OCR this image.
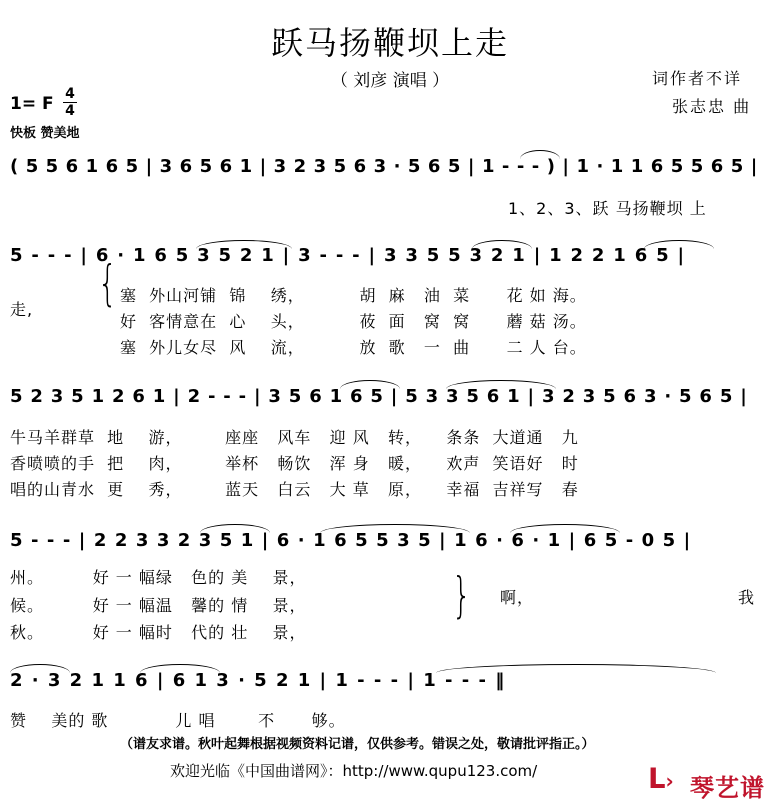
跃马扬鞭坝上走
（ 刘彦 演唱 ）	词作者不详
张志忠 曲
1= F $\frac{4}{4}$
快板 赞美地
( 5 5 6 1 6 5 | 3 6 5 6 1 | 3 2 3 5 6 3 · 5 6 5 | 1 - - - ) | 1 · 1 1 6 5 5 6 5 |
1、2、3、跃 马扬鞭坝 上
5 - - - | 6 · 1 6 5 3 5 2 1 | 3 - - - | 3 3 5 5 3 2 1 | 1 2 2 1 6 5 |
走, { 塞  外山河铺  锦    绣，         胡  麻   油  菜      花 如 海。
好  客情意在  心    头，         莜  面   窝  窝      蘑 菇 汤。
塞  外儿女尽  风    流，         放  歌   一  曲      二 人 台。
5 2 3 5 1 2 6 1 | 2 - - - | 3 5 6 1 6 5 | 5 3 3 5 6 1 | 3 2 3 5 6 3 · 5 6 5 |
牛马羊群草  地    游，       座座   风车   迎 风   转，    条条  大道通   九
香喷喷的手  把    肉，       举杯   畅饮   浑 身   暖，    欢声  笑语好   时
唱的山青水  更    秀，       蓝天   白云   大 草   原，    幸福  吉祥写   春
5 - - - | 2 2 3 3 2 3 5 1 | 6 · 1 6 5 5 3 5 | 1 6 · 6 · 1 | 6 5 - 0 5 |
州。        好 一 幅绿   色的 美    景，
候。        好 一 幅温   馨的 情    景，
秋。        好 一 幅时   代的 壮    景，
} 啊，	我
2 · 3 2 1 1 6 | 6 1 3 · 5 2 1 | 1 - - - | 1 - - - ‖
赞    美的 歌           儿 唱       不      够。
（谱友求谱。秋叶起舞根据视频资料记谱，仅供参考。错误之处，敬请批评指正。）
欢迎光临《中国曲谱网》：http://www.qupu123.com/	ᒪ› 琴艺谱
